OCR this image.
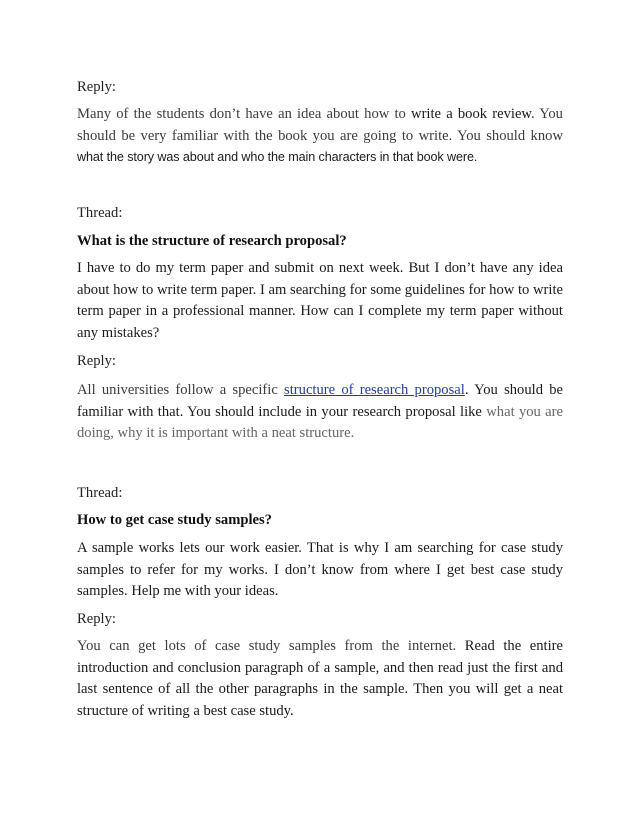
Reply:

Many of the students don’t have an idea about how to write a book review. You should be very familiar with the book you are going to write. You should know what the story was about and who the main characters in that book were.

Thread:

What is the structure of research proposal?

I have to do my term paper and submit on next week. But I don’t have any idea about how to write term paper. I am searching for some guidelines for how to write term paper in a professional manner. How can I complete my term paper without any mistakes?

Reply:

All universities follow a specific structure of research proposal. You should be familiar with that. You should include in your research proposal like what you are doing, why it is important with a neat structure.

Thread:

How to get case study samples?

A sample works lets our work easier. That is why I am searching for case study samples to refer for my works. I don’t know from where I get best case study samples. Help me with your ideas.

Reply:

You can get lots of case study samples from the internet. Read the entire introduction and conclusion paragraph of a sample, and then read just the first and last sentence of all the other paragraphs in the sample. Then you will get a neat structure of writing a best case study.
